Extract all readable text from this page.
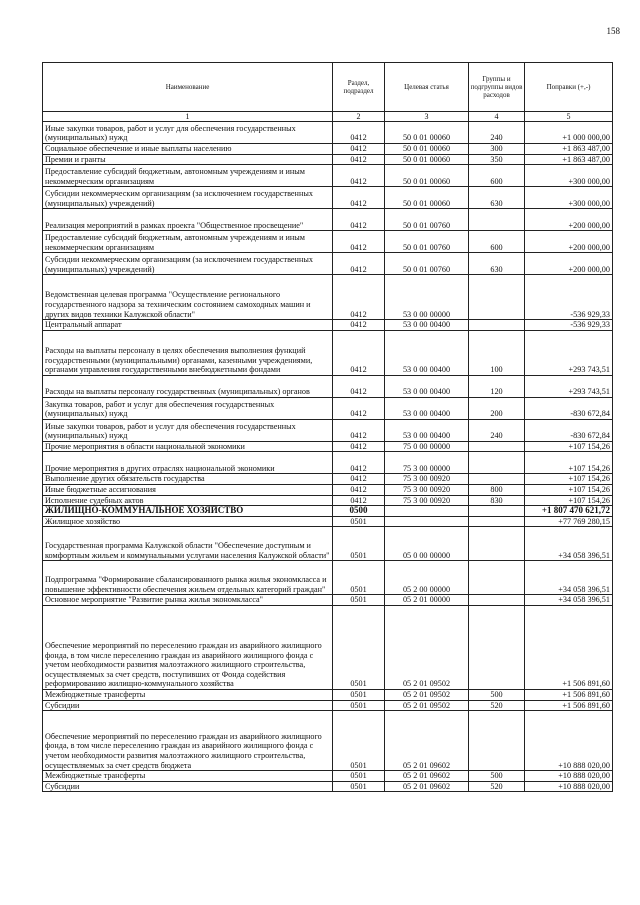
158
Наименование	Раздел, подраздел	Целевая статья	Группы и подгруппы видов расходов	Поправки (+,-)
1	2	3	4	5
Иные закупки товаров, работ и услуг для обеспечения государственных (муниципальных) нужд	0412	50 0 01 00060	240	+1 000 000,00
Социальное обеспечение и иные выплаты населению	0412	50 0 01 00060	300	+1 863 487,00
Премии и гранты	0412	50 0 01 00060	350	+1 863 487,00
Предоставление субсидий бюджетным, автономным учреждениям и иным некоммерческим организациям	0412	50 0 01 00060	600	+300 000,00
Субсидии некоммерческим организациям (за исключением государственных (муниципальных) учреждений)	0412	50 0 01 00060	630	+300 000,00
Реализация мероприятий в рамках проекта "Общественное просвещение"	0412	50 0 01 00760		+200 000,00
Предоставление субсидий бюджетным, автономным учреждениям и иным некоммерческим организациям	0412	50 0 01 00760	600	+200 000,00
Субсидии некоммерческим организациям (за исключением государственных (муниципальных) учреждений)	0412	50 0 01 00760	630	+200 000,00
Ведомственная целевая программа "Осуществление регионального государственного надзора за техническим состоянием самоходных машин и других видов техники Калужской области"	0412	53 0 00 00000		-536 929,33
Центральный аппарат	0412	53 0 00 00400		-536 929,33
Расходы на выплаты персоналу в целях обеспечения выполнения функций государственными (муниципальными) органами, казенными учреждениями, органами управления государственными внебюджетными фондами	0412	53 0 00 00400	100	+293 743,51
Расходы на выплаты персоналу государственных (муниципальных) органов	0412	53 0 00 00400	120	+293 743,51
Закупка товаров, работ и услуг для обеспечения государственных (муниципальных) нужд	0412	53 0 00 00400	200	-830 672,84
Иные закупки товаров, работ и услуг для обеспечения государственных (муниципальных) нужд	0412	53 0 00 00400	240	-830 672,84
Прочие мероприятия в области национальной экономики	0412	75 0 00 00000		+107 154,26
Прочие мероприятия в других отраслях национальной экономики	0412	75 3 00 00000		+107 154,26
Выполнение других обязательств государства	0412	75 3 00 00920		+107 154,26
Иные бюджетные ассигнования	0412	75 3 00 00920	800	+107 154,26
Исполнение судебных актов	0412	75 3 00 00920	830	+107 154,26
ЖИЛИЩНО-КОММУНАЛЬНОЕ ХОЗЯЙСТВО	0500			+1 807 470 621,72
Жилищное хозяйство	0501			+77 769 280,15
Государственная программа Калужской области "Обеспечение доступным и комфортным жильем и коммунальными услугами населения Калужской области"	0501	05 0 00 00000		+34 058 396,51
Подпрограмма "Формирование сбалансированного рынка жилья экономкласса и повышение эффективности обеспечения жильем отдельных категорий граждан"	0501	05 2 00 00000		+34 058 396,51
Основное мероприятие "Развитие рынка жилья экономкласса"	0501	05 2 01 00000		+34 058 396,51
Обеспечение мероприятий по переселению граждан из аварийного жилищного фонда, в том числе переселению граждан из аварийного жилищного фонда с учетом необходимости развития малоэтажного жилищного строительства, осуществляемых за счет средств, поступивших от Фонда содействия реформированию жилищно-коммунального хозяйства	0501	05 2 01 09502		+1 506 891,60
Межбюджетные трансферты	0501	05 2 01 09502	500	+1 506 891,60
Субсидии	0501	05 2 01 09502	520	+1 506 891,60
Обеспечение мероприятий по переселению граждан из аварийного жилищного фонда, в том числе переселению граждан из аварийного жилищного фонда с учетом необходимости развития малоэтажного жилищного строительства, осуществляемых за счет средств бюджета	0501	05 2 01 09602		+10 888 020,00
Межбюджетные трансферты	0501	05 2 01 09602	500	+10 888 020,00
Субсидии	0501	05 2 01 09602	520	+10 888 020,00
